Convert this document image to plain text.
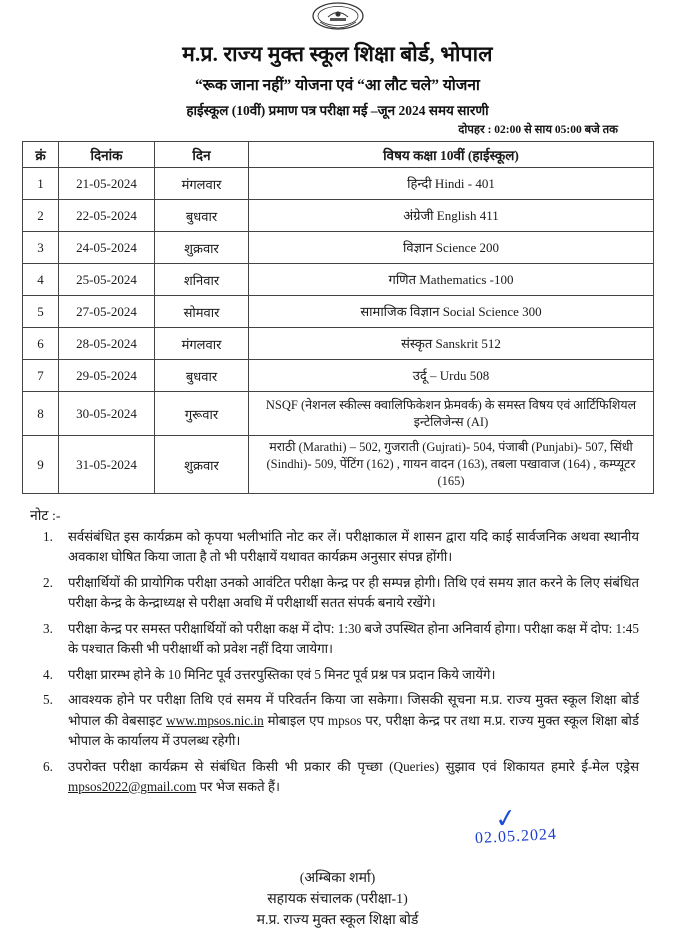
म.प्र. राज्य मुक्त स्कूल शिक्षा बोर्ड, भोपाल
“रूक जाना नहीं” योजना एवं “आ लौट चले” योजना
हाईस्कूल (10वीं) प्रमाण पत्र परीक्षा मई –जून 2024 समय सारणी
दोपहर : 02:00 से साय 05:00 बजे तक
क्रं	दिनांक	दिन	विषय कक्षा 10वीं (हाईस्कूल)
1	21-05-2024	मंगलवार	हिन्दी Hindi - 401
2	22-05-2024	बुधवार	अंग्रेजी English 411
3	24-05-2024	शुक्रवार	विज्ञान Science 200
4	25-05-2024	शनिवार	गणित Mathematics -100
5	27-05-2024	सोमवार	सामाजिक विज्ञान Social Science 300
6	28-05-2024	मंगलवार	संस्कृत Sanskrit 512
7	29-05-2024	बुधवार	उर्दू – Urdu 508
8	30-05-2024	गुरूवार	NSQF (नेशनल स्कील्स क्वालिफिकेशन फ्रेमवर्क) के समस्त विषय एवं आर्टिफिशियल इन्टेलिजेन्स (AI)
9	31-05-2024	शुक्रवार	मराठी (Marathi) – 502, गुजराती (Gujrati)- 504, पंजाबी (Punjabi)- 507, सिंधी (Sindhi)- 509, पेंटिंग (162) , गायन वादन (163), तबला पखावाज (164) , कम्प्यूटर (165)
नोट :-
सर्वसंबंधित इस कार्यक्रम को कृपया भलीभांति नोट कर लें। परीक्षाकाल में शासन द्वारा यदि काई सार्वजनिक अथवा स्थानीय अवकाश घोषित किया जाता है तो भी परीक्षायें यथावत कार्यक्रम अनुसार संपन्न होंगी।
परीक्षार्थियों की प्रायोगिक परीक्षा उनको आवंटित परीक्षा केन्द्र पर ही सम्पन्न होगी। तिथि एवं समय ज्ञात करने के लिए संबंधित परीक्षा केन्द्र के केन्द्राध्यक्ष से परीक्षा अवधि में परीक्षार्थी सतत संपर्क बनाये रखेंगे।
परीक्षा केन्द्र पर समस्त परीक्षार्थियों को परीक्षा कक्ष में दोप: 1:30 बजे उपस्थित होना अनिवार्य होगा। परीक्षा कक्ष में दोप: 1:45 के पश्चात किसी भी परीक्षार्थी को प्रवेश नहीं दिया जायेगा।
परीक्षा प्रारम्भ होने के 10 मिनिट पूर्व उत्तरपुस्तिका एवं 5 मिनट पूर्व प्रश्न पत्र प्रदान किये जायेंगे।
आवश्यक होने पर परीक्षा तिथि एवं समय में परिवर्तन किया जा सकेगा। जिसकी सूचना म.प्र. राज्य मुक्त स्कूल शिक्षा बोर्ड भोपाल की वेबसाइट www.mpsos.nic.in मोबाइल एप mpsos पर, परीक्षा केन्द्र पर तथा म.प्र. राज्य मुक्त स्कूल शिक्षा बोर्ड भोपाल के कार्यालय में उपलब्ध रहेगी।
उपरोक्त परीक्षा कार्यक्रम से संबंधित किसी भी प्रकार की पृच्छा (Queries) सुझाव एवं शिकायत हमारे ई-मेल एड्रेस mpsos2022@gmail.com पर भेज सकते हैं।
✓
02.05.2024
(अम्बिका शर्मा)
सहायक संचालक (परीक्षा-1)
म.प्र. राज्य मुक्त स्कूल शिक्षा बोर्ड
